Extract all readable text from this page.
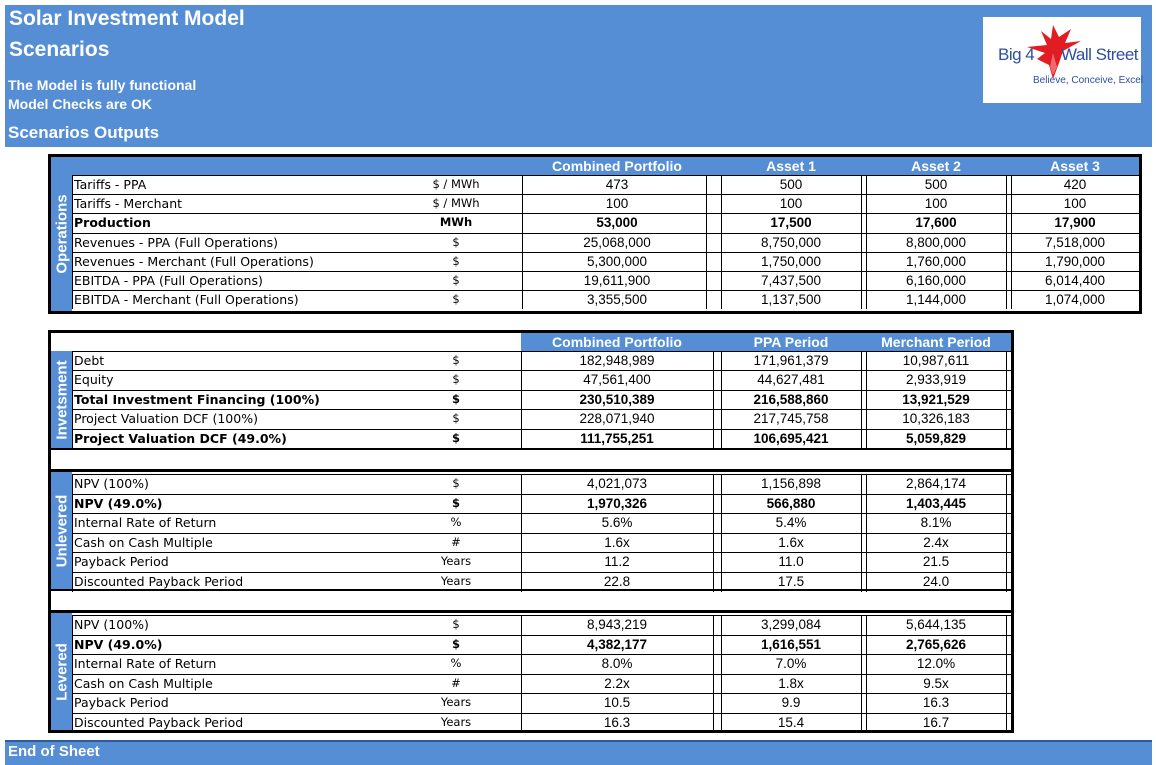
Solar Investment Model
Scenarios
The Model is fully functional
Model Checks are OK
Scenarios Outputs
Big 4 Wall Street
Believe, Conceive, Excel
Operations
Combined Portfolio	Asset 1	Asset 2	Asset 3
Tariffs - PPA	$ / MWh	473	500	500	420
Tariffs - Merchant	$ / MWh	100	100	100	100
Production	MWh	53,000	17,500	17,600	17,900
Revenues - PPA (Full Operations)	$	25,068,000	8,750,000	8,800,000	7,518,000
Revenues - Merchant (Full Operations)	$	5,300,000	1,750,000	1,760,000	1,790,000
EBITDA - PPA (Full Operations)	$	19,611,900	7,437,500	6,160,000	6,014,400
EBITDA - Merchant (Full Operations)	$	3,355,500	1,137,500	1,144,000	1,074,000
Combined Portfolio	PPA Period	Merchant Period
Invetsment
Unlevered
Levered
Debt	$	182,948,989	171,961,379	10,987,611
Equity	$	47,561,400	44,627,481	2,933,919
Total Investment Financing (100%)	$	230,510,389	216,588,860	13,921,529
Project Valuation DCF (100%)	$	228,071,940	217,745,758	10,326,183
Project Valuation DCF (49.0%)	$	111,755,251	106,695,421	5,059,829
NPV (100%)	$	4,021,073	1,156,898	2,864,174
NPV (49.0%)	$	1,970,326	566,880	1,403,445
Internal Rate of Return	%	5.6%	5.4%	8.1%
Cash on Cash Multiple	#	1.6x	1.6x	2.4x
Payback Period	Years	11.2	11.0	21.5
Discounted Payback Period	Years	22.8	17.5	24.0
NPV (100%)	$	8,943,219	3,299,084	5,644,135
NPV (49.0%)	$	4,382,177	1,616,551	2,765,626
Internal Rate of Return	%	8.0%	7.0%	12.0%
Cash on Cash Multiple	#	2.2x	1.8x	9.5x
Payback Period	Years	10.5	9.9	16.3
Discounted Payback Period	Years	16.3	15.4	16.7
End of Sheet
